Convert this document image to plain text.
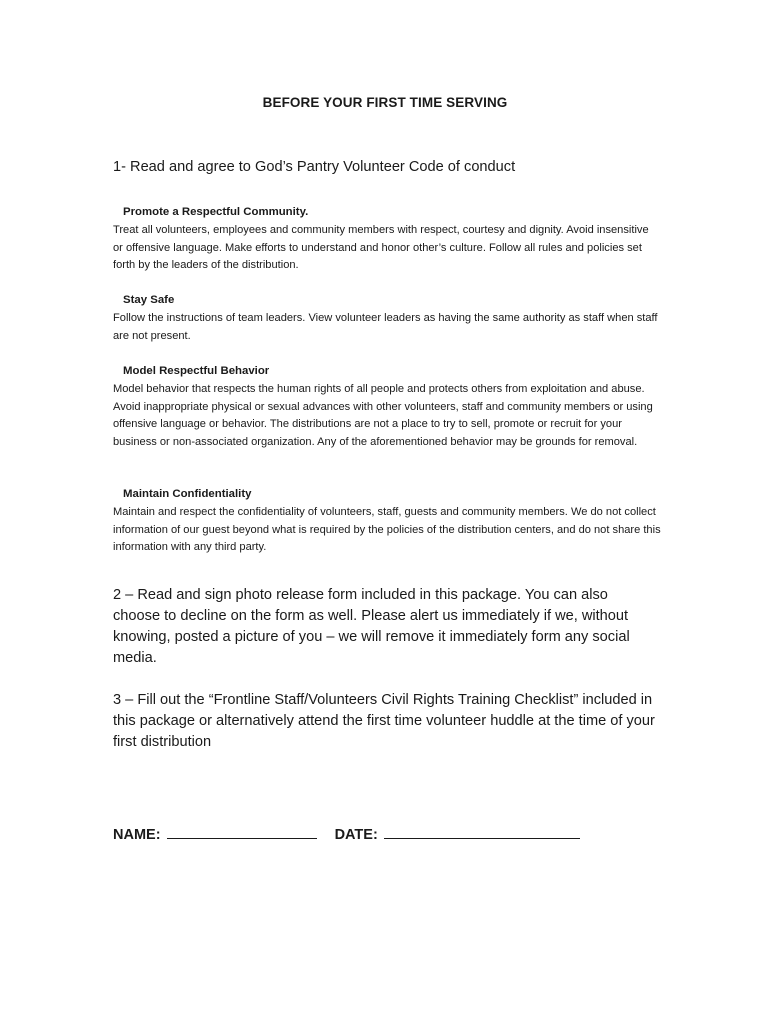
BEFORE YOUR FIRST TIME SERVING
1- Read and agree to God’s Pantry Volunteer Code of conduct
Promote a Respectful Community.
Treat all volunteers, employees and community members with respect, courtesy and dignity. Avoid insensitive or offensive language. Make efforts to understand and honor other’s culture. Follow all rules and policies set forth by the leaders of the distribution.
Stay Safe
Follow the instructions of team leaders. View volunteer leaders as having the same authority as staff when staff are not present.
Model Respectful Behavior
Model behavior that respects the human rights of all people and protects others from exploitation and abuse. Avoid inappropriate physical or sexual advances with other volunteers, staff and community members or using offensive language or behavior. The distributions are not a place to try to sell, promote or recruit for your business or non-associated organization. Any of the aforementioned behavior may be grounds for removal.
Maintain Confidentiality
Maintain and respect the confidentiality of volunteers, staff, guests and community members. We do not collect information of our guest beyond what is required by the policies of the distribution centers, and do not share this information with any third party.
2 – Read and sign photo release form included in this package. You can also choose to decline on the form as well. Please alert us immediately if we, without knowing, posted a picture of you – we will remove it immediately form any social media.
3 – Fill out the “Frontline Staff/Volunteers Civil Rights Training Checklist” included in this package or alternatively attend the first time volunteer huddle at the time of your first distribution
NAME:	DATE:
